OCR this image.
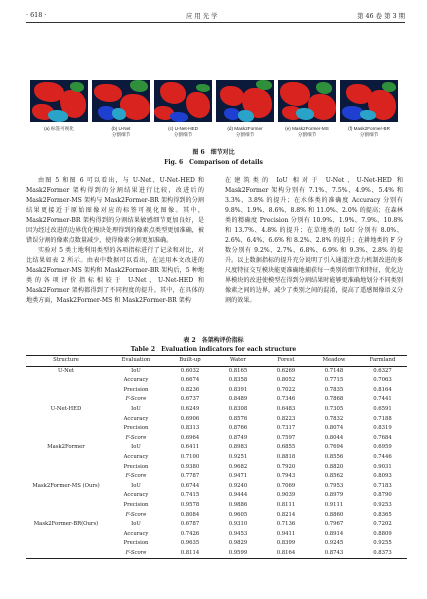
· 618 ·	应 用 光 学	第 46 卷 第 3 期
(a) 标签可视化	(b) U-Net
分割细节
(c) U-Net-HED
分割细节
(d) Mask2Former
分割细节
(e) Mask2Former-MS
分割细节
(f) Mask2Former-BR
分割细节
图 6　细节对比
Fig. 6　Comparison of details

由图 5 和图 6 可以看出，与 U-Net、U-Net-HED 和 Mask2Former 架构得到的分割结果进行比较，改进后的 Mask2Former-MS 架构与 Mask2Former-BR 架构得到的分割结果更接近于原始图像对应的标签可视化图像。其中，Mask2Former-BR 架构得到的分割结果敏感细节更加良好，是因为经过改进的边界优化模块处理得到的像素点类型更加准确，被错误分割的像素点数量减少，使得像素分割更加准确。

实验对 5 类土地利用类型的各项指标进行了记录和对比，对比结果如表 2 所示。由表中数据可以看出，在运用本文改进的 Mask2Former-MS 架构和 Mask2Former-BR 架构后，5 种地类的各项评价指标相较于 U-Net、U-Net-HED 和 Mask2Former 架构都得到了不同程度的提升。其中，在具体的地类方面，Mask2Former-MS 和 Mask2Former-BR 架构

在建筑类的 IoU 相对于 U-Net、U-Net-HED 和 Mask2Former 架构分别有 7.1%、7.5%、4.9%、5.4% 和 3.3%、3.8% 的提升；在水体类的准确度 Accuracy 分别有 9.8%、1.9%、8.6%、8.8% 和 11.0%、2.0% 的提高；在森林类的精确度 Precision 分别有 10.9%、1.9%、7.9%、10.8% 和 13.7%、4.8% 的提升；在草地类的 IoU 分别有 8.0%、2.6%、6.4%、6.6% 和 8.2%、2.8% 的提升；在耕地类的 F 分数分别有 9.2%、2.7%、6.8%、6.9% 和 9.3%、2.8% 的提升。以上数据指标的提升充分说明了引入通道注意力机制改进的多尺度特征交互模块能更准确地捕获每一类别的细节和特征，优化边界模块的改进使模型在得到分割结果时能够更准确地划分不同类别像素之间的边界，减少了类别之间的混淆，提高了遥感图像语义分割的效果。

表 2　各架构评价指标
Table 2　Evaluation indicators for each structure
Structure	Evaluation	Built-up	Water	Forest	Meadow	Farmland
U-Net	IoU	0.6032	0.8165	0.6269	0.7148	0.6327
	Accuracy	0.6674	0.8358	0.8052	0.7715	0.7063
	Precision	0.8236	0.8391	0.7022	0.7835	0.8164
	F-Score	0.6737	0.8489	0.7346	0.7868	0.7441
U-Net-HED	IoU	0.6249	0.8308	0.6483	0.7305	0.6591
	Accuracy	0.6906	0.8576	0.8223	0.7832	0.7188
	Precision	0.8313	0.8766	0.7317	0.8074	0.8319
	F-Score	0.6964	0.8749	0.7597	0.8044	0.7684
Mask2Former	IoU	0.6411	0.8983	0.6855	0.7694	0.6959
	Accuracy	0.7100	0.9251	0.8818	0.8556	0.7446
	Precision	0.9380	0.9682	0.7920	0.8820	0.9031
	F-Score	0.7787	0.9471	0.7943	0.8562	0.8093
Mask2Former-MS (Ours)	IoU	0.6744	0.9240	0.7069	0.7953	0.7183
	Accuracy	0.7415	0.9444	0.9039	0.8979	0.8790
	Precision	0.9578	0.9886	0.8111	0.9111	0.9253
	F-Score	0.8084	0.9605	0.8214	0.8860	0.8365
Mask2Former-BR(Ours)	IoU	0.6787	0.9310	0.7136	0.7967	0.7202
	Accuracy	0.7426	0.9453	0.9411	0.8914	0.8809
	Precision	0.9635	0.9829	0.8399	0.9245	0.9255
	F-Score	0.8114	0.9599	0.8164	0.8743	0.8373
